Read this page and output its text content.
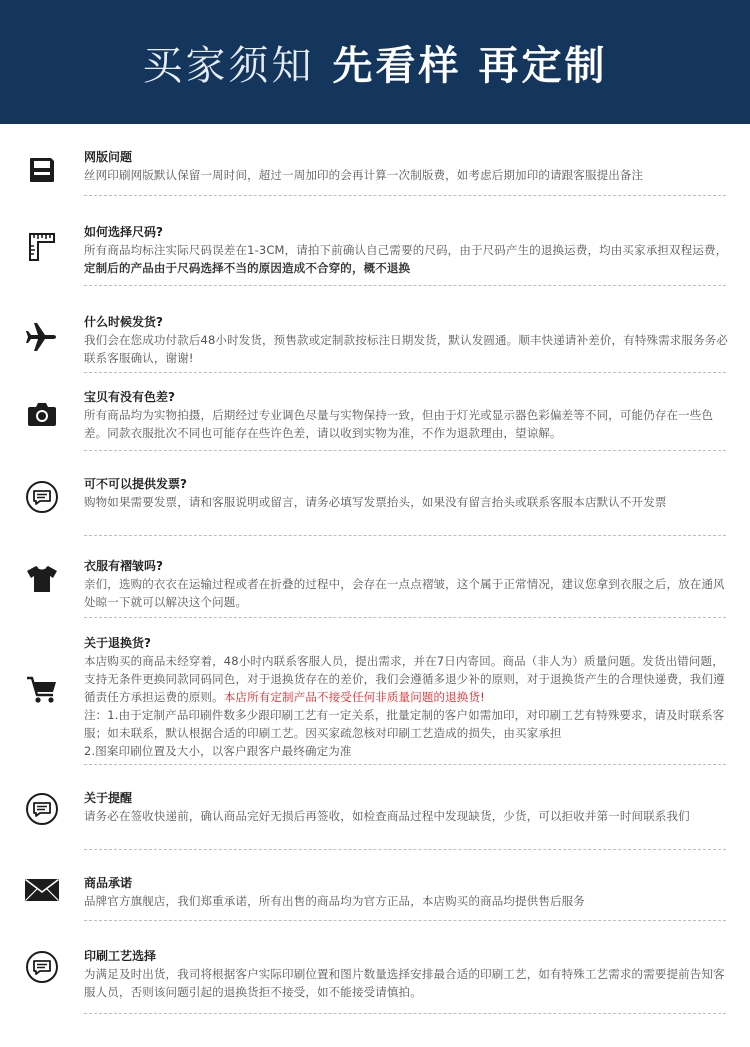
买家须知 先看样 再定制
网版问题
丝网印刷网版默认保留一周时间，超过一周加印的会再计算一次制版费，如考虑后期加印的请跟客服提出备注
如何选择尺码?
所有商品均标注实际尺码误差在1-3CM，请拍下前确认自己需要的尺码，由于尺码产生的退换运费，均由买家承担双程运费，定制后的产品由于尺码选择不当的原因造成不合穿的，概不退换
什么时候发货?
我们会在您成功付款后48小时发货，预售款或定制款按标注日期发货，默认发圆通。顺丰快递请补差价，有特殊需求服务务必联系客服确认，谢谢!
宝贝有没有色差?
所有商品均为实物拍摄，后期经过专业调色尽量与实物保持一致，但由于灯光或显示器色彩偏差等不同，可能仍存在一些色差。同款衣服批次不同也可能存在些许色差，请以收到实物为准，不作为退款理由，望谅解。
可不可以提供发票?
购物如果需要发票，请和客服说明或留言，请务必填写发票抬头，如果没有留言抬头或联系客服本店默认不开发票
衣服有褶皱吗?
亲们，选购的衣衣在运输过程或者在折叠的过程中，会存在一点点褶皱，这个属于正常情况，建议您拿到衣服之后，放在通风处晾一下就可以解决这个问题。
关于退换货?
本店购买的商品未经穿着，48小时内联系客服人员，提出需求，并在7日内寄回。商品（非人为）质量问题。发货出错问题，支持无条件更换同款同码同色，对于退换货存在的差价，我们会遵循多退少补的原则，对于退换货产生的合理快递费，我们遵循责任方承担运费的原则。本店所有定制产品不接受任何非质量问题的退换货!
注：1.由于定制产品印刷件数多少跟印刷工艺有一定关系，批量定制的客户如需加印，对印刷工艺有特殊要求，请及时联系客服；如未联系，默认根据合适的印刷工艺。因买家疏忽核对印刷工艺造成的损失，由买家承担
2.图案印刷位置及大小，以客户跟客户最终确定为准
关于提醒
请务必在签收快递前，确认商品完好无损后再签收，如检查商品过程中发现缺货，少货，可以拒收并第一时间联系我们
商品承诺
品牌官方旗舰店，我们郑重承诺，所有出售的商品均为官方正品，本店购买的商品均提供售后服务
印刷工艺选择
为满足及时出货，我司将根据客户实际印刷位置和图片数量选择安排最合适的印刷工艺，如有特殊工艺需求的需要提前告知客服人员，否则该问题引起的退换货拒不接受，如不能接受请慎拍。
